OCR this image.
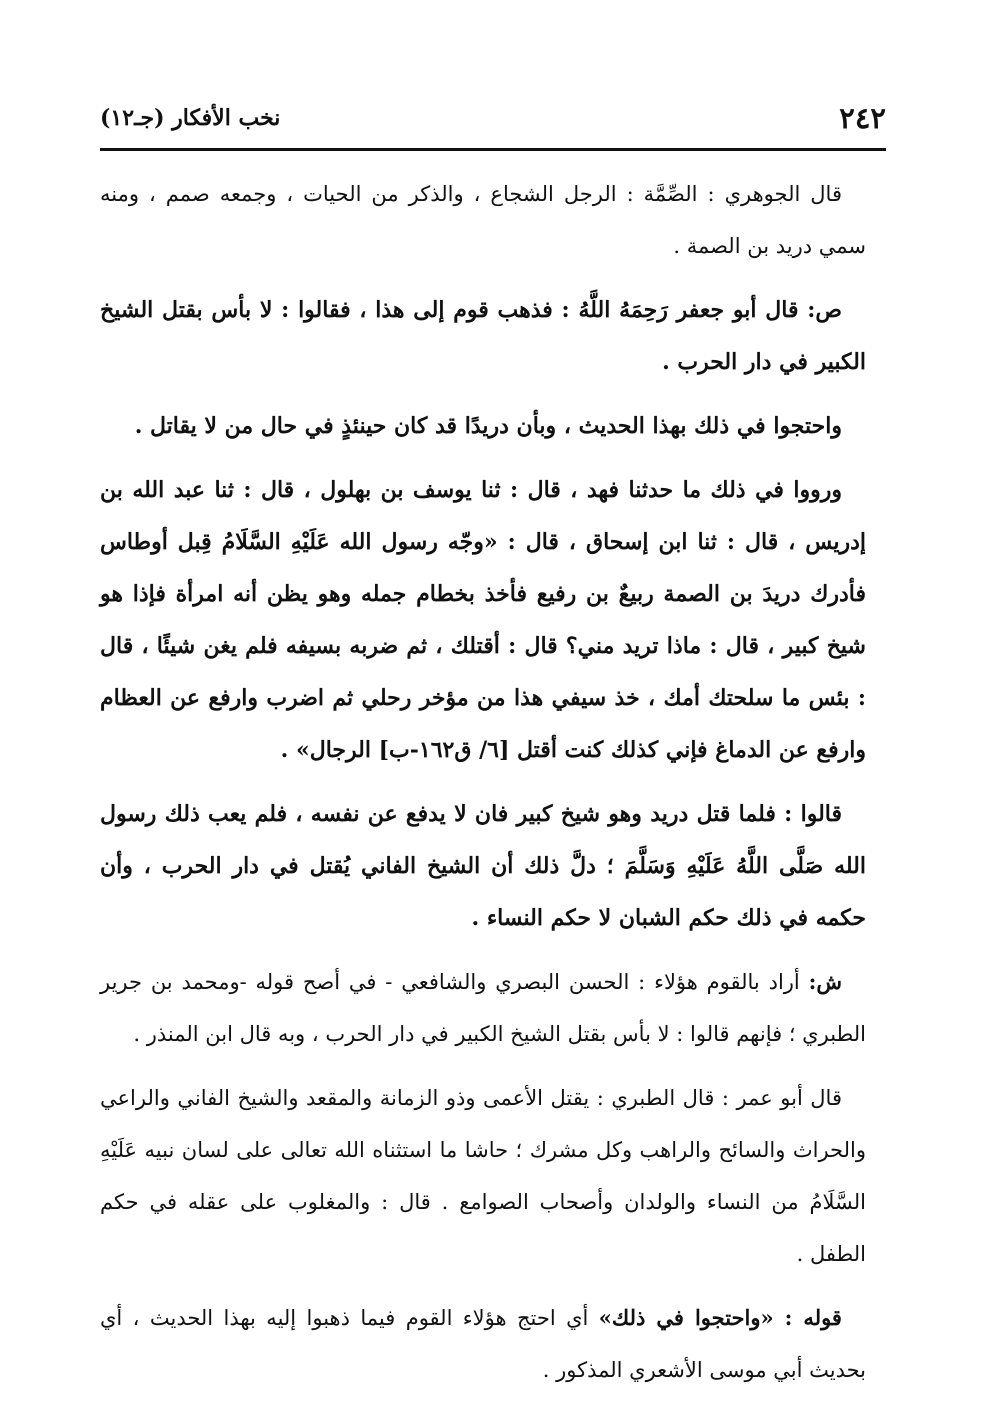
٢٤٢
نخب الأفكار (جـ١٢)

قال الجوهري : الصِّمَّة : الرجل الشجاع ، والذكر من الحيات ، وجمعه صمم ، ومنه سمي دريد بن الصمة .

ص: قال أبو جعفر رَحِمَهُ اللَّهُ : فذهب قوم إلى هذا ، فقالوا : لا بأس بقتل الشيخ الكبير في دار الحرب .

واحتجوا في ذلك بهذا الحديث ، وبأن دريدًا قد كان حينئذٍ في حال من لا يقاتل .

ورووا في ذلك ما حدثنا فهد ، قال : ثنا يوسف بن بهلول ، قال : ثنا عبد الله بن إدريس ، قال : ثنا ابن إسحاق ، قال : «وجّه رسول الله عَلَيْهِ السَّلَامُ قِبل أوطاس فأدرك دريدَ بن الصمة ربيعٌ بن رفيع فأخذ بخطام جمله وهو يظن أنه امرأة فإذا هو شيخ كبير ، قال : ماذا تريد مني؟ قال : أقتلك ، ثم ضربه بسيفه فلم يغن شيئًا ، قال : بئس ما سلحتك أمك ، خذ سيفي هذا من مؤخر رحلي ثم اضرب وارفع عن العظام وارفع عن الدماغ فإني كذلك كنت أقتل [٦/ ق١٦٢-ب] الرجال» .

قالوا : فلما قتل دريد وهو شيخ كبير فان لا يدفع عن نفسه ، فلم يعب ذلك رسول الله صَلَّى اللَّهُ عَلَيْهِ وَسَلَّمَ ؛ دلَّ ذلك أن الشيخ الفاني يُقتل في دار الحرب ، وأن حكمه في ذلك حكم الشبان لا حكم النساء .

ش: أراد بالقوم هؤلاء : الحسن البصري والشافعي - في أصح قوله -ومحمد بن جرير الطبري ؛ فإنهم قالوا : لا بأس بقتل الشيخ الكبير في دار الحرب ، وبه قال ابن المنذر .

قال أبو عمر : قال الطبري : يقتل الأعمى وذو الزمانة والمقعد والشيخ الفاني والراعي والحراث والسائح والراهب وكل مشرك ؛ حاشا ما استثناه الله تعالى على لسان نبيه عَلَيْهِ السَّلَامُ من النساء والولدان وأصحاب الصوامع . قال : والمغلوب على عقله في حكم الطفل .

قوله : «واحتجوا في ذلك» أي احتج هؤلاء القوم فيما ذهبوا إليه بهذا الحديث ، أي بحديث أبي موسى الأشعري المذكور .
